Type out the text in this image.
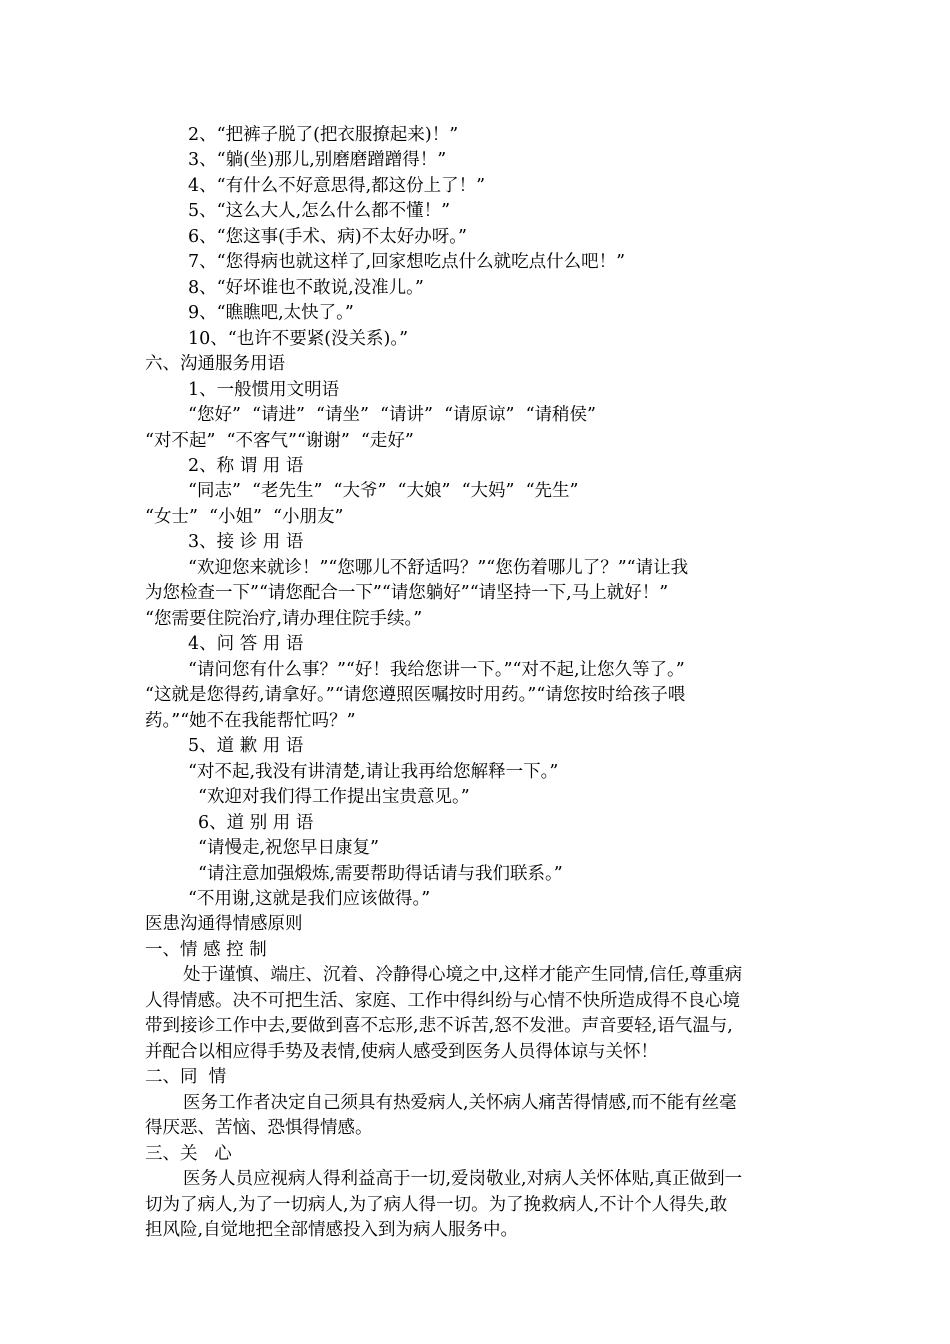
2、“把裤子脱了(把衣服撩起来)！”
3、“躺(坐)那儿,别磨磨蹭蹭得！”
4、“有什么不好意思得,都这份上了！”
5、“这么大人,怎么什么都不懂！”
6、“您这事(手术、病)不太好办呀。”
7、“您得病也就这样了,回家想吃点什么就吃点什么吧！”
8、“好坏谁也不敢说,没准儿。”
9、“瞧瞧吧,太快了。”
10、“也许不要紧(没关系)。”
六、沟通服务用语
1、一般惯用文明语
“您好”  “请进”  “请坐”  “请讲”  “请原谅”  “请稍侯”
“对不起”  “不客气”“谢谢”  “走好”
2、称 谓 用 语
“同志”  “老先生”  “大爷”  “大娘”  “大妈”  “先生”
“女士”  “小姐”  “小朋友”
3、接 诊 用 语
“欢迎您来就诊！”“您哪儿不舒适吗？”“您伤着哪儿了？”“请让我
为您检查一下”“请您配合一下”“请您躺好”“请坚持一下,马上就好！”
“您需要住院治疗,请办理住院手续。”
4、问 答 用 语
“请问您有什么事？”“好！我给您讲一下。”“对不起,让您久等了。”
“这就是您得药,请拿好。”“请您遵照医嘱按时用药。”“请您按时给孩子喂
药。”“她不在我能帮忙吗？”
5、道 歉 用 语
“对不起,我没有讲清楚,请让我再给您解释一下。”
“欢迎对我们得工作提出宝贵意见。”
6、道 别 用 语
“请慢走,祝您早日康复”
“请注意加强煅炼,需要帮助得话请与我们联系。”
“不用谢,这就是我们应该做得。”
医患沟通得情感原则
一、情 感 控 制
处于谨慎、端庄、沉着、冷静得心境之中,这样才能产生同情,信任,尊重病
人得情感。决不可把生活、家庭、工作中得纠纷与心情不快所造成得不良心境
带到接诊工作中去,要做到喜不忘形,悲不诉苦,怒不发泄。声音要轻,语气温与,
并配合以相应得手势及表情,使病人感受到医务人员得体谅与关怀！
二、同  情
医务工作者决定自己须具有热爱病人,关怀病人痛苦得情感,而不能有丝毫
得厌恶、苦恼、恐惧得情感。
三、关   心
医务人员应视病人得利益高于一切,爱岗敬业,对病人关怀体贴,真正做到一
切为了病人,为了一切病人,为了病人得一切。为了挽救病人,不计个人得失,敢
担风险,自觉地把全部情感投入到为病人服务中。
